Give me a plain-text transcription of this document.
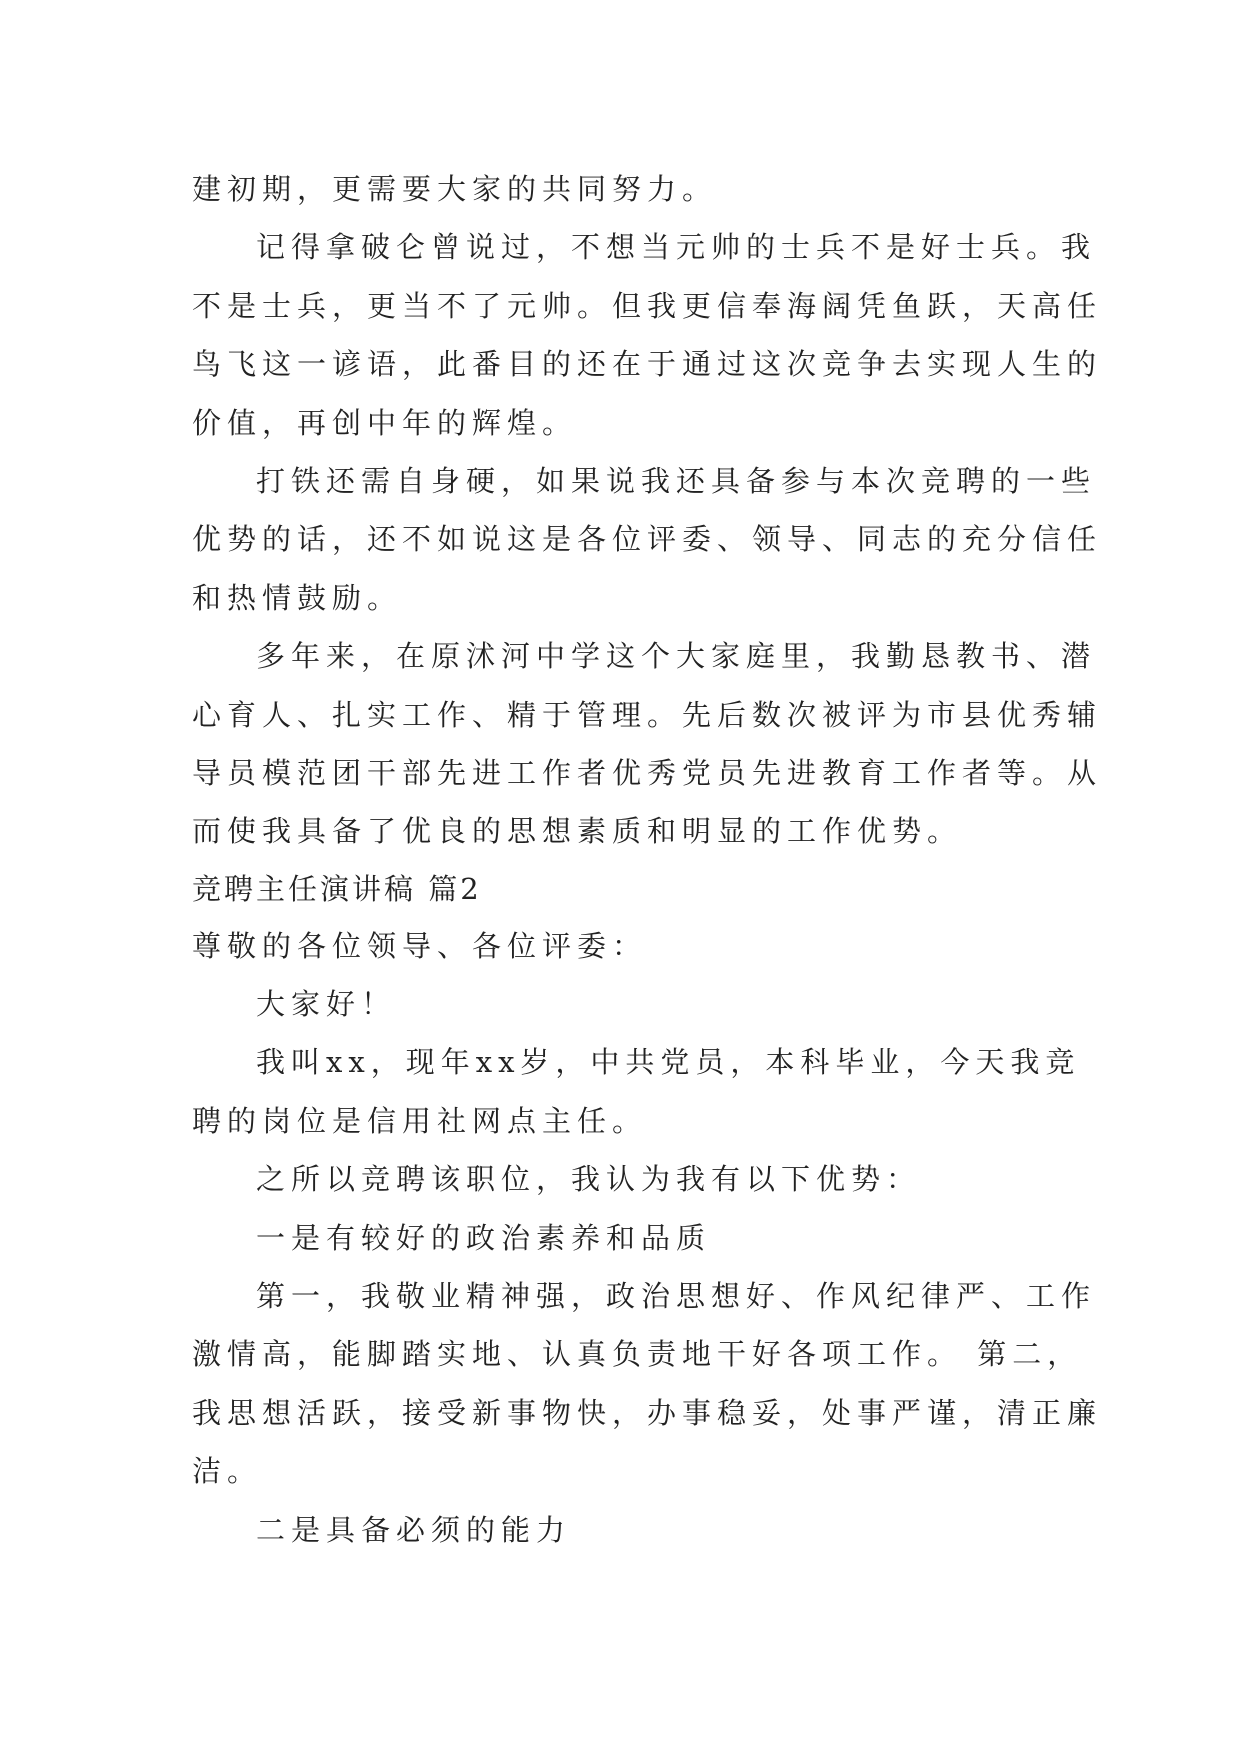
建初期，更需要大家的共同努力。
记得拿破仑曾说过，不想当元帅的士兵不是好士兵。我
不是士兵，更当不了元帅。但我更信奉海阔凭鱼跃，天高任
鸟飞这一谚语，此番目的还在于通过这次竞争去实现人生的
价值，再创中年的辉煌。
打铁还需自身硬，如果说我还具备参与本次竞聘的一些
优势的话，还不如说这是各位评委、领导、同志的充分信任
和热情鼓励。
多年来，在原沭河中学这个大家庭里，我勤恳教书、潜
心育人、扎实工作、精于管理。先后数次被评为市县优秀辅
导员模范团干部先进工作者优秀党员先进教育工作者等。从
而使我具备了优良的思想素质和明显的工作优势。
竞聘主任演讲稿 篇2
尊敬的各位领导、各位评委：
大家好！
我叫xx，现年xx岁，中共党员，本科毕业，今天我竞
聘的岗位是信用社网点主任。
之所以竞聘该职位，我认为我有以下优势：
一是有较好的政治素养和品质
第一，我敬业精神强，政治思想好、作风纪律严、工作
激情高，能脚踏实地、认真负责地干好各项工作。 第二，
我思想活跃，接受新事物快，办事稳妥，处事严谨，清正廉
洁。
二是具备必须的能力
